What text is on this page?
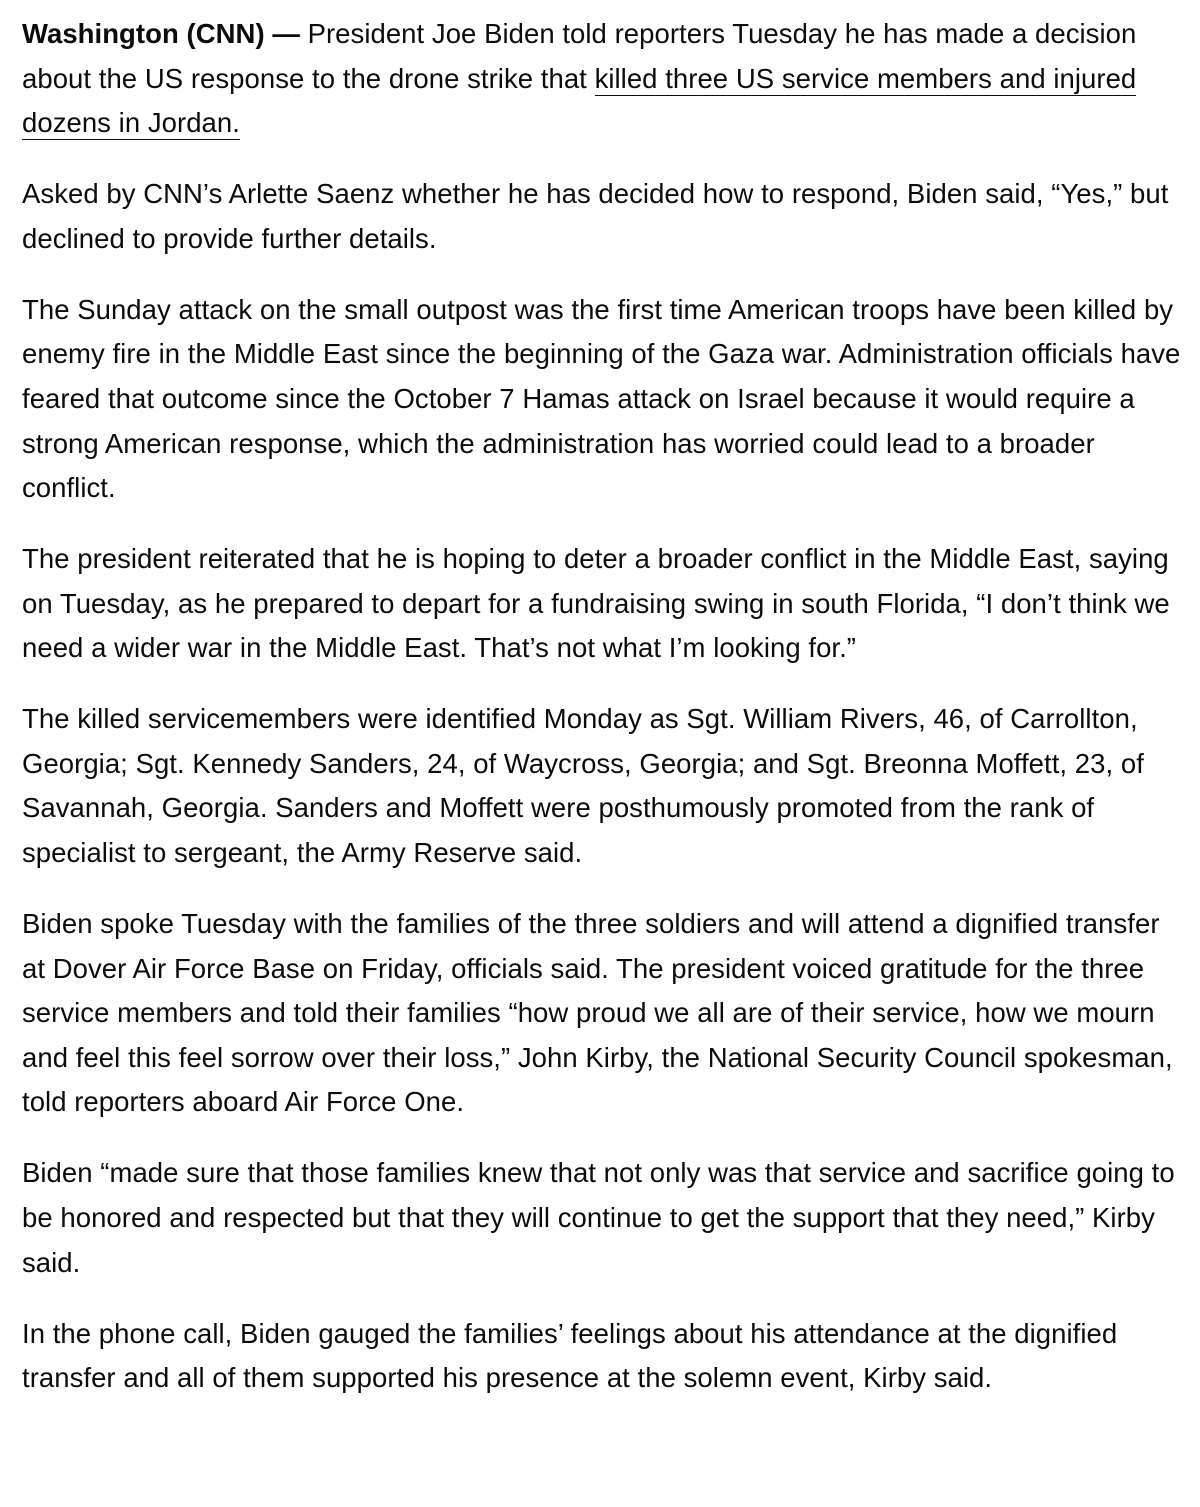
Washington (CNN) — President Joe Biden told reporters Tuesday he has made a decision about the US response to the drone strike that killed three US service members and injured dozens in Jordan.

Asked by CNN’s Arlette Saenz whether he has decided how to respond, Biden said, “Yes,” but declined to provide further details.

The Sunday attack on the small outpost was the first time American troops have been killed by enemy fire in the Middle East since the beginning of the Gaza war. Administration officials have feared that outcome since the October 7 Hamas attack on Israel because it would require a strong American response, which the administration has worried could lead to a broader conflict.

The president reiterated that he is hoping to deter a broader conflict in the Middle East, saying on Tuesday, as he prepared to depart for a fundraising swing in south Florida, “I don’t think we need a wider war in the Middle East. That’s not what I’m looking for.”

The killed servicemembers were identified Monday as Sgt. William Rivers, 46, of Carrollton, Georgia; Sgt. Kennedy Sanders, 24, of Waycross, Georgia; and Sgt. Breonna Moffett, 23, of Savannah, Georgia. Sanders and Moffett were posthumously promoted from the rank of specialist to sergeant, the Army Reserve said.

Biden spoke Tuesday with the families of the three soldiers and will attend a dignified transfer at Dover Air Force Base on Friday, officials said. The president voiced gratitude for the three service members and told their families “how proud we all are of their service, how we mourn and feel this feel sorrow over their loss,” John Kirby, the National Security Council spokesman, told reporters aboard Air Force One.

Biden “made sure that those families knew that not only was that service and sacrifice going to be honored and respected but that they will continue to get the support that they need,” Kirby said.

In the phone call, Biden gauged the families’ feelings about his attendance at the dignified transfer and all of them supported his presence at the solemn event, Kirby said.
